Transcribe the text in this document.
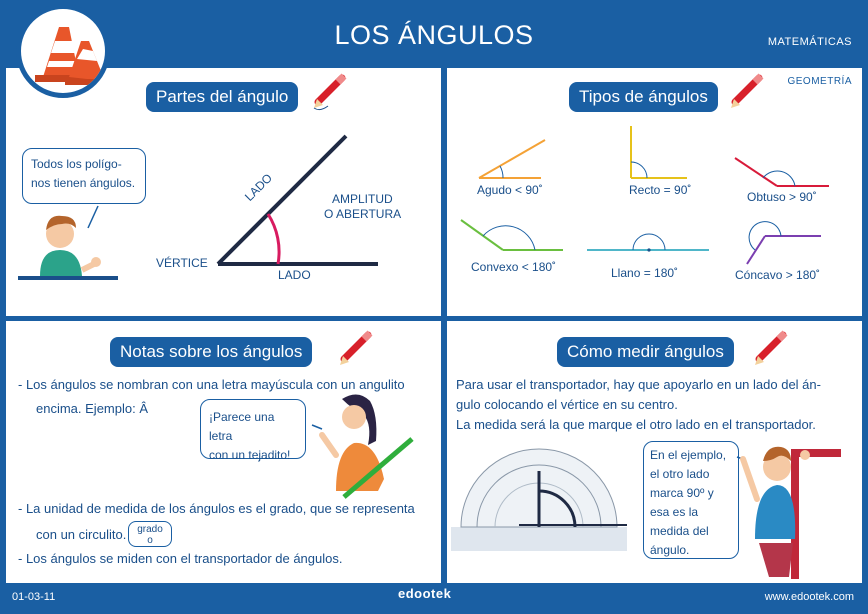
LOS ÁNGULOS	MATEMÁTICAS
Partes del ángulo
Todos los polígo-
nos tienen ángulos.
VÉRTICE
LADO
LADO
AMPLITUD
O ABERTURA
GEOMETRÍA
Tipos de ángulos
Agudo < 90˚	Recto = 90˚	Obtuso > 90˚
Convexo < 180˚	Llano = 180˚	Cóncavo > 180˚
Notas sobre los ángulos
- Los ángulos se nombran con una letra mayúscula con un angulito
encima. Ejemplo: Â
¡Parece una letra
con un tejadito!
- La unidad de medida de los ángulos es el grado, que se representa
con un circulito.	grado
o
- Los ángulos se miden con el transportador de ángulos.
Cómo medir ángulos
Para usar el transportador, hay que apoyarlo en un lado del án-
gulo colocando el vértice en su centro.
La medida será la que marque el otro lado en el transportador.
En el ejemplo,
el otro lado
marca 90º y
esa es la
medida del
ángulo.
01-03-11	edootek	www.edootek.com
